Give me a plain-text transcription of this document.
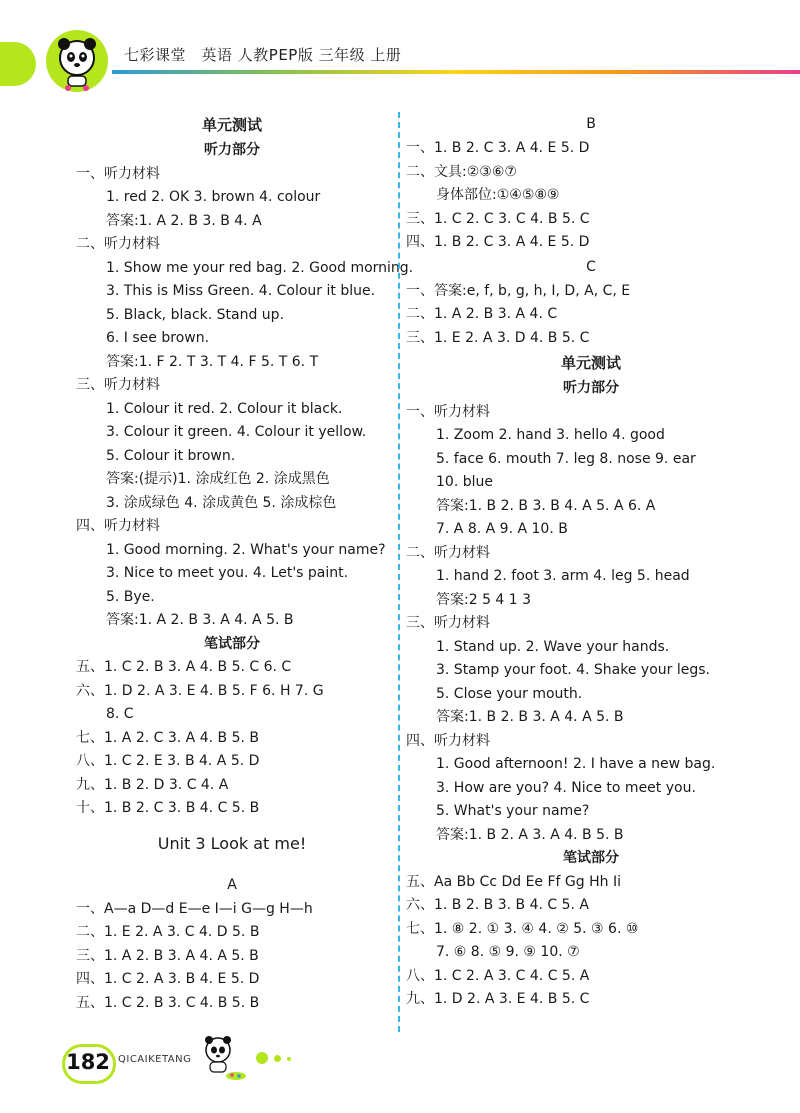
七彩课堂　英语 人教PEP版 三年级 上册
单元测试
听力部分
一、听力材料
1. red 2. OK 3. brown 4. colour
答案:1. A 2. B 3. B 4. A
二、听力材料
1. Show me your red bag. 2. Good morning.
3. This is Miss Green. 4. Colour it blue.
5. Black, black. Stand up.
6. I see brown.
答案:1. F 2. T 3. T 4. F 5. T 6. T
三、听力材料
1. Colour it red. 2. Colour it black.
3. Colour it green. 4. Colour it yellow.
5. Colour it brown.
答案:(提示)1. 涂成红色 2. 涂成黑色
3. 涂成绿色 4. 涂成黄色 5. 涂成棕色
四、听力材料
1. Good morning. 2. What's your name?
3. Nice to meet you. 4. Let's paint.
5. Bye.
答案:1. A 2. B 3. A 4. A 5. B
笔试部分
五、1. C 2. B 3. A 4. B 5. C 6. C
六、1. D 2. A 3. E 4. B 5. F 6. H 7. G
8. C
七、1. A 2. C 3. A 4. B 5. B
八、1. C 2. E 3. B 4. A 5. D
九、1. B 2. D 3. C 4. A
十、1. B 2. C 3. B 4. C 5. B
Unit 3 Look at me!
A
一、A—a D—d E—e I—i G—g H—h
二、1. E 2. A 3. C 4. D 5. B
三、1. A 2. B 3. A 4. A 5. B
四、1. C 2. A 3. B 4. E 5. D
五、1. C 2. B 3. C 4. B 5. B
B
一、1. B 2. C 3. A 4. E 5. D
二、文具:②③⑥⑦
身体部位:①④⑤⑧⑨
三、1. C 2. C 3. C 4. B 5. C
四、1. B 2. C 3. A 4. E 5. D
C
一、答案:e, f, b, g, h, I, D, A, C, E
二、1. A 2. B 3. A 4. C
三、1. E 2. A 3. D 4. B 5. C
单元测试
听力部分
一、听力材料
1. Zoom 2. hand 3. hello 4. good
5. face 6. mouth 7. leg 8. nose 9. ear
10. blue
答案:1. B 2. B 3. B 4. A 5. A 6. A
7. A 8. A 9. A 10. B
二、听力材料
1. hand 2. foot 3. arm 4. leg 5. head
答案:2 5 4 1 3
三、听力材料
1. Stand up. 2. Wave your hands.
3. Stamp your foot. 4. Shake your legs.
5. Close your mouth.
答案:1. B 2. B 3. A 4. A 5. B
四、听力材料
1. Good afternoon! 2. I have a new bag.
3. How are you? 4. Nice to meet you.
5. What's your name?
答案:1. B 2. A 3. A 4. B 5. B
笔试部分
五、Aa Bb Cc Dd Ee Ff Gg Hh Ii
六、1. B 2. B 3. B 4. C 5. A
七、1. ⑧ 2. ① 3. ④ 4. ② 5. ③ 6. ⑩
7. ⑥ 8. ⑤ 9. ⑨ 10. ⑦
八、1. C 2. A 3. C 4. C 5. A
九、1. D 2. A 3. E 4. B 5. C
182 QICAIKETANG
